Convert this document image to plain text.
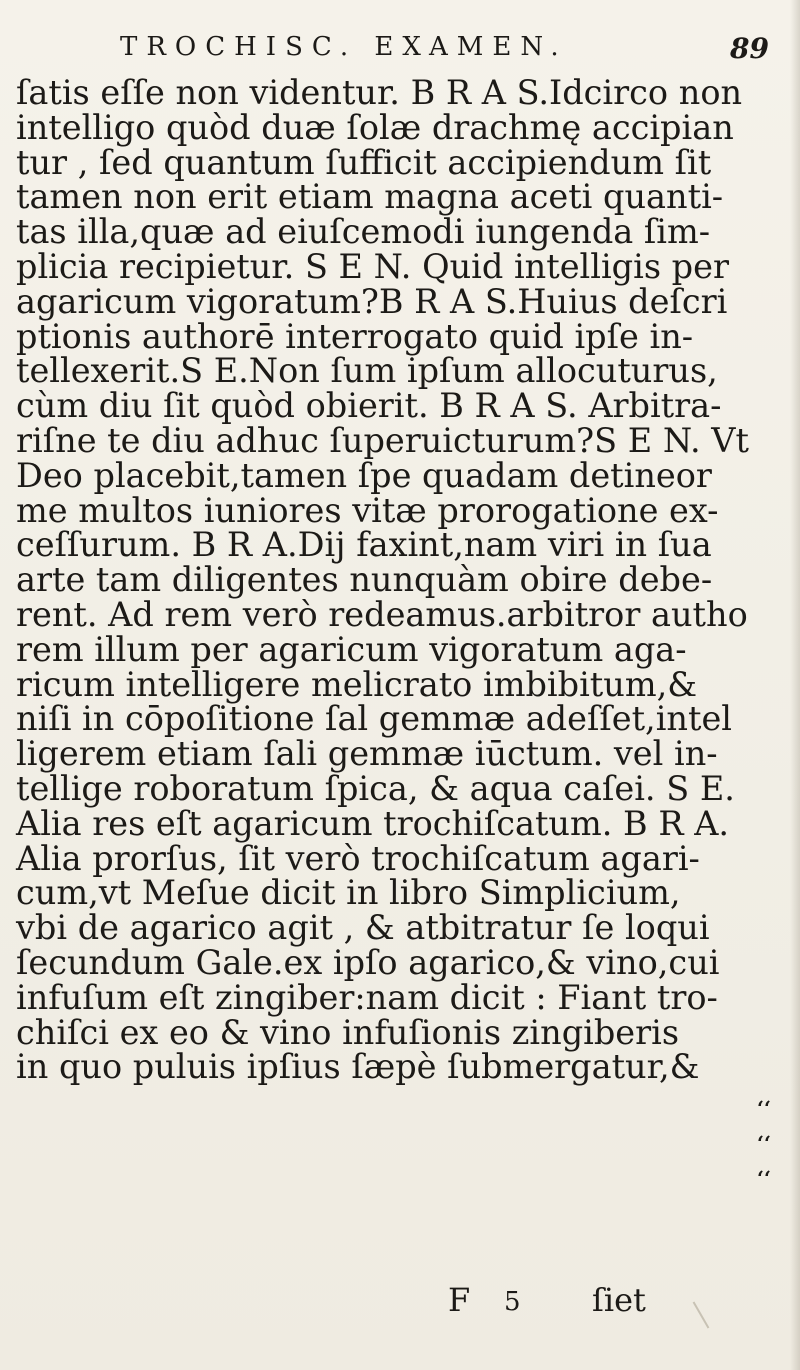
TROCHISC. EXAMEN.	89
ſatis eſſe non videntur. B R A S.Idcirco non
intelligo quòd duæ ſolæ drachmę accipian
tur , ſed quantum ſufficit accipiendum ſit
tamen non erit etiam magna aceti quanti-
tas illa,quæ ad eiuſcemodi iungenda ſim-
plicia recipietur. S E N. Quid intelligis per
agaricum vigoratum?B R A S.Huius deſcri
ptionis authorē interrogato quid ipſe in-
tellexerit.S E.Non ſum ipſum allocuturus,
cùm diu ſit quòd obierit. B R A S. Arbitra-
riſne te diu adhuc ſuperuicturum?S E N. Vt
Deo placebit,tamen ſpe quadam detineor
me multos iuniores vitæ prorogatione ex-
ceſſurum. B R A.Dij faxint,nam viri in ſua
arte tam diligentes nunquàm obire debe-
rent. Ad rem verò redeamus.arbitror autho
rem illum per agaricum vigoratum aga-
ricum intelligere melicrato imbibitum,&
niſi in cōpoſitione ſal gemmæ adeſſet,intel
ligerem etiam ſali gemmæ iūctum. vel in-
tellige roboratum ſpica, & aqua caſei. S E.
Alia res eſt agaricum trochiſcatum. B R A.
Alia prorſus, ſit verò trochiſcatum agari-
cum,vt Meſue dicit in libro Simplicium,
vbi de agarico agit , & atbitratur ſe loqui
ſecundum Gale.ex ipſo agarico,& vino,cui
infuſum eſt zingiber:nam dicit : Fiant tro-
chiſci ex eo & vino infuſionis zingiberis
in quo puluis ipſius ſæpè ſubmergatur,&
‘‘
‘‘
‘‘
F 5 ſiet
